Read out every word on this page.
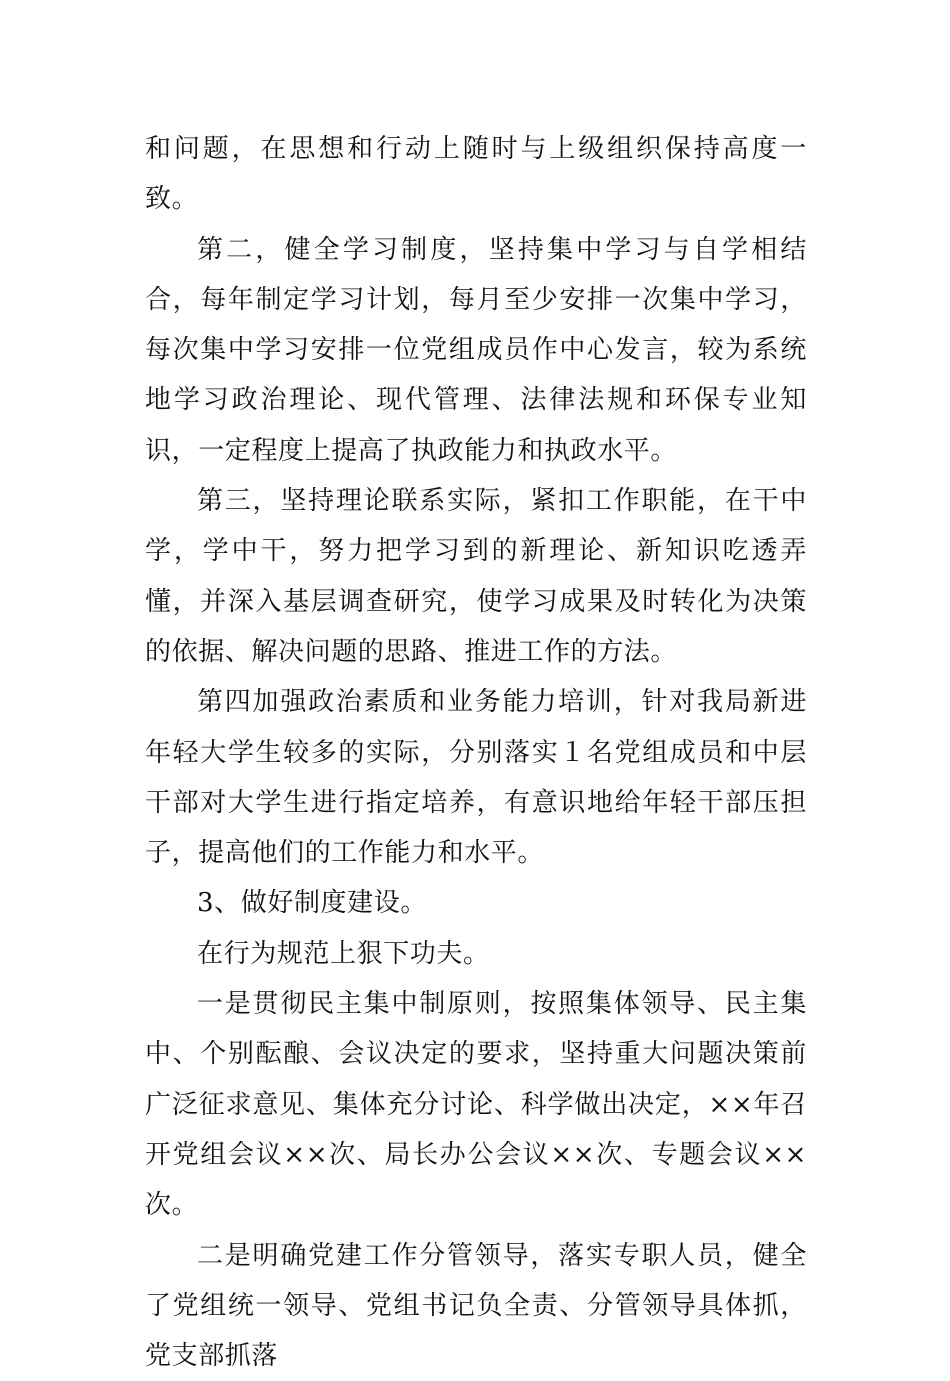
和问题，在思想和行动上随时与上级组织保持高度一致。

第二，健全学习制度，坚持集中学习与自学相结合，每年制定学习计划，每月至少安排一次集中学习，每次集中学习安排一位党组成员作中心发言，较为系统地学习政治理论、现代管理、法律法规和环保专业知识，一定程度上提高了执政能力和执政水平。

第三，坚持理论联系实际，紧扣工作职能，在干中学，学中干，努力把学习到的新理论、新知识吃透弄懂，并深入基层调查研究，使学习成果及时转化为决策的依据、解决问题的思路、推进工作的方法。

第四加强政治素质和业务能力培训，针对我局新进年轻大学生较多的实际，分别落实１名党组成员和中层干部对大学生进行指定培养，有意识地给年轻干部压担子，提高他们的工作能力和水平。

3、做好制度建设。

在行为规范上狠下功夫。

一是贯彻民主集中制原则，按照集体领导、民主集中、个别酝酿、会议决定的要求，坚持重大问题决策前广泛征求意见、集体充分讨论、科学做出决定，××年召开党组会议××次、局长办公会议××次、专题会议××次。

二是明确党建工作分管领导，落实专职人员，健全了党组统一领导、党组书记负全责、分管领导具体抓，党支部抓落
